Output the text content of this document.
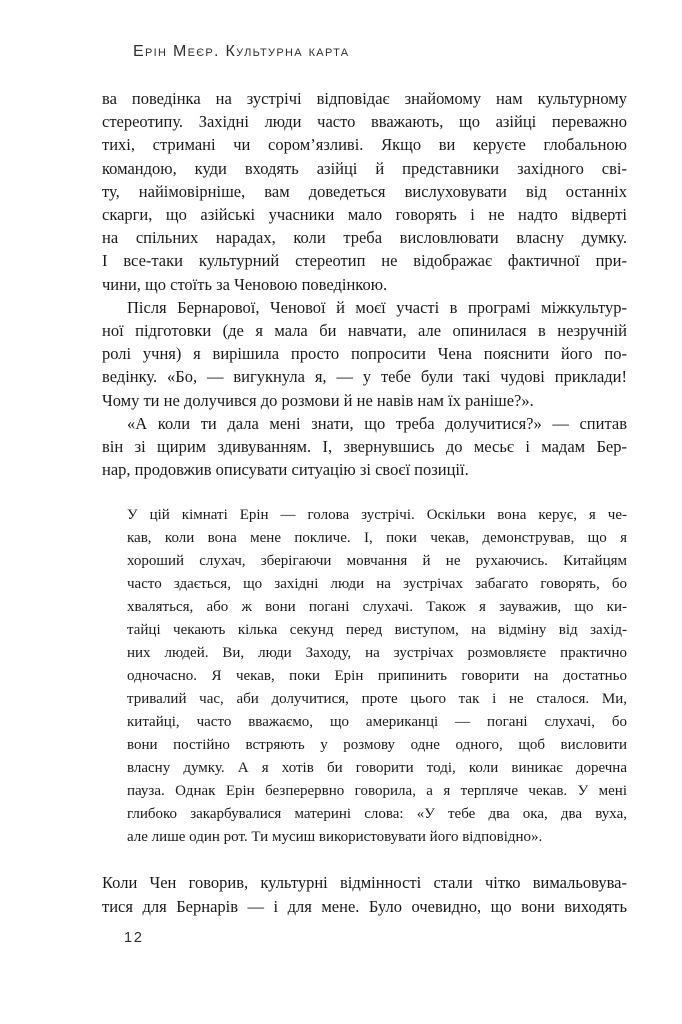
Ерін Меєр. Культурна карта
ва поведінка на зустрічі відповідає знайомому нам культурному
стереотипу. Західні люди часто вважають, що азійці переважно
тихі, стримані чи сором’язливі. Якщо ви керуєте глобальною
командою, куди входять азійці й представники західного сві-
ту, найімовірніше, вам доведеться вислуховувати від останніх
скарги, що азійські учасники мало говорять і не надто відверті
на спільних нарадах, коли треба висловлювати власну думку.
І все-таки культурний стереотип не відображає фактичної при-
чини, що стоїть за Ченовою поведінкою.
Після Бернарової, Ченової й моєї участі в програмі міжкультур-
ної підготовки (де я мала би навчати, але опинилася в незручній
ролі учня) я вирішила просто попросити Чена пояснити його по-
ведінку. «Бо, — вигукнула я, — у тебе були такі чудові приклади!
Чому ти не долучився до розмови й не навів нам їх раніше?».
«А коли ти дала мені знати, що треба долучитися?» — спитав
він зі щирим здивуванням. І, звернувшись до месьє і мадам Бер-
нар, продовжив описувати ситуацію зі своєї позиції.
У цій кімнаті Ерін — голова зустрічі. Оскільки вона керує, я че-
кав, коли вона мене покличе. І, поки чекав, демонстрував, що я
хороший слухач, зберігаючи мовчання й не рухаючись. Китайцям
часто здається, що західні люди на зустрічах забагато говорять, бо
хваляться, або ж вони погані слухачі. Також я зауважив, що ки-
тайці чекають кілька секунд перед виступом, на відміну від захід-
них людей. Ви, люди Заходу, на зустрічах розмовляєте практично
одночасно. Я чекав, поки Ерін припинить говорити на достатньо
тривалий час, аби долучитися, проте цього так і не сталося. Ми,
китайці, часто вважаємо, що американці — погані слухачі, бо
вони постійно встряють у розмову одне одного, щоб висловити
власну думку. А я хотів би говорити тоді, коли виникає доречна
пауза. Однак Ерін безперервно говорила, а я терпляче чекав. У мені
глибоко закарбувалися материні слова: «У тебе два ока, два вуха,
але лише один рот. Ти мусиш використовувати його відповідно».
Коли Чен говорив, культурні відмінності стали чітко вимальовува-
тися для Бернарів — і для мене. Було очевидно, що вони виходять
12
